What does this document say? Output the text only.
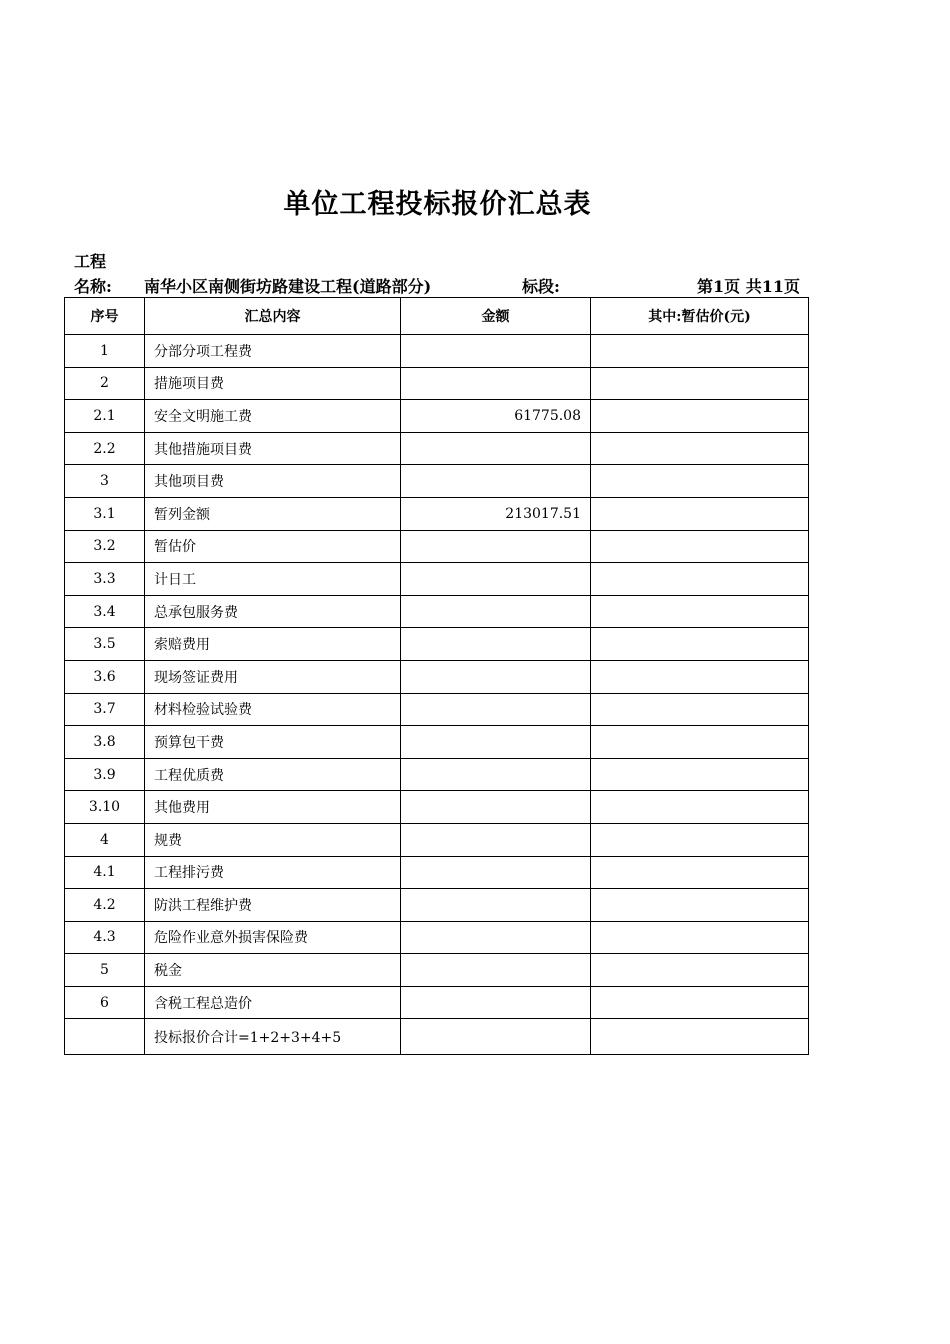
单位工程投标报价汇总表
工程
名称: 南华小区南侧街坊路建设工程(道路部分)	标段:	第1页 共11页
序号	汇总内容	金额	其中:暂估价(元)
1	分部分项工程费		
2	措施项目费		
2.1	安全文明施工费	61775.08	
2.2	其他措施项目费		
3	其他项目费		
3.1	暂列金额	213017.51	
3.2	暂估价		
3.3	计日工		
3.4	总承包服务费		
3.5	索赔费用		
3.6	现场签证费用		
3.7	材料检验试验费		
3.8	预算包干费		
3.9	工程优质费		
3.10	其他费用		
4	规费		
4.1	工程排污费		
4.2	防洪工程维护费		
4.3	危险作业意外损害保险费		
5	税金		
6	含税工程总造价		
	投标报价合计=1+2+3+4+5		
